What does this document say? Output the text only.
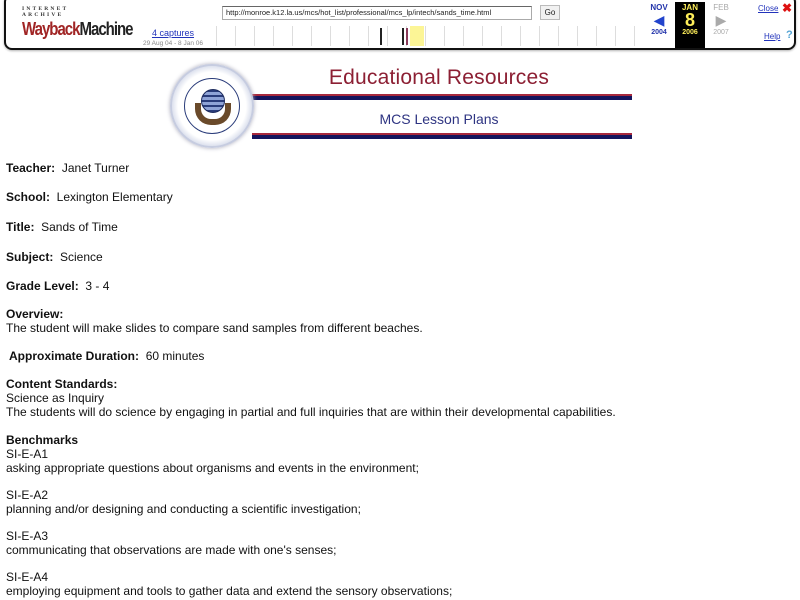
INTERNET ARCHIVE
WaybackMachine	4 captures
29 Aug 04 - 8 Jan 06
http://monroe.k12.la.us/mcs/hot_list/professional/mcs_lp/intech/sands_time.html	Go
NOV
◀
2004
JAN
8
2006
FEB
▶
2007
Close ✖
Help ?
Educational Resources
MCS Lesson Plans
Teacher: Janet Turner
School: Lexington Elementary
Title: Sands of Time
Subject: Science
Grade Level: 3 - 4
Overview:
The student will make slides to compare sand samples from different beaches.
Approximate Duration: 60 minutes
Content Standards:
Science as Inquiry
The students will do science by engaging in partial and full inquiries that are within their developmental capabilities.
Benchmarks
SI-E-A1
asking appropriate questions about organisms and events in the environment;
SI-E-A2
planning and/or designing and conducting a scientific investigation;
SI-E-A3
communicating that observations are made with one's senses;
SI-E-A4
employing equipment and tools to gather data and extend the sensory observations;
